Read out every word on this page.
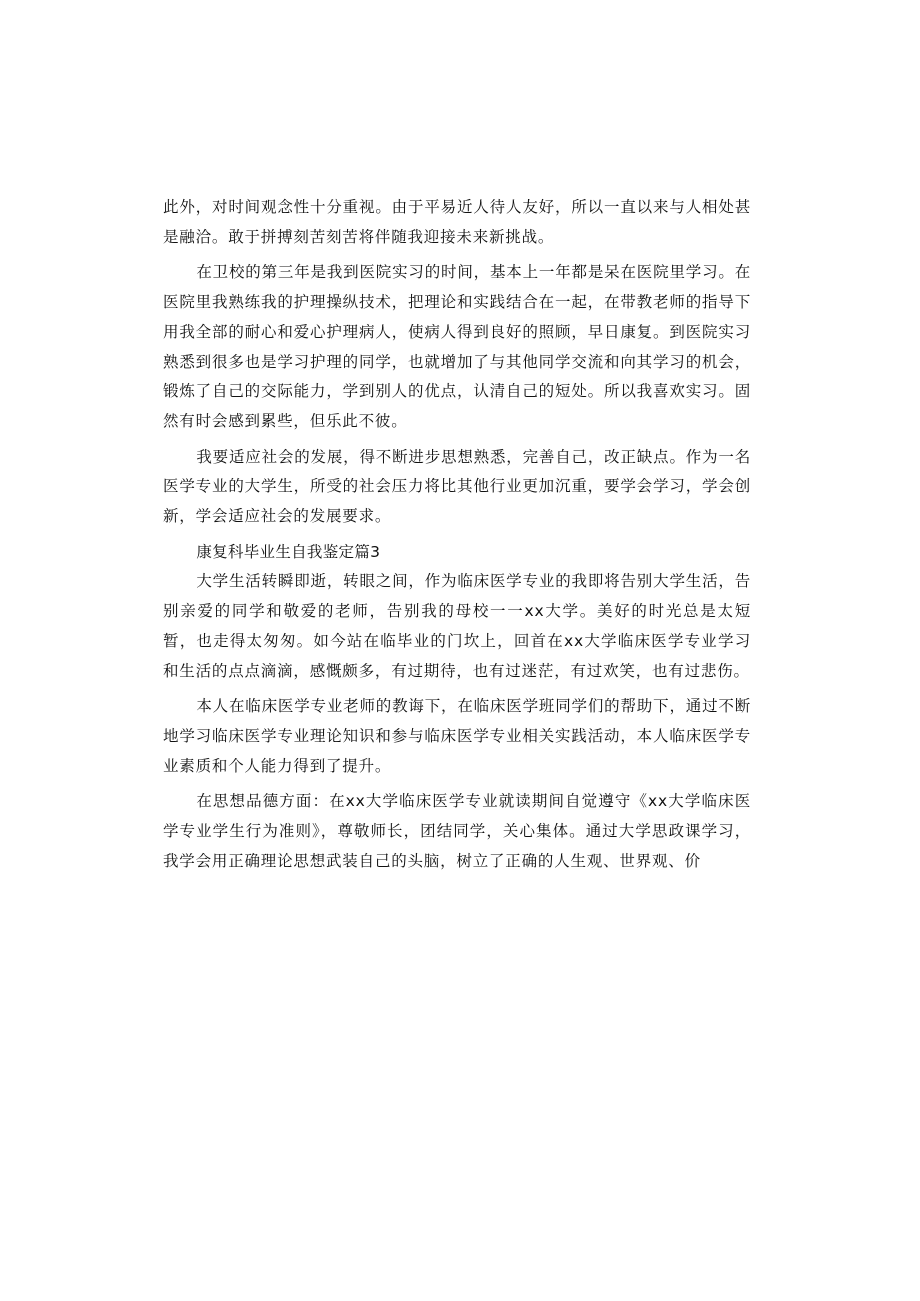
此外，对时间观念性十分重视。由于平易近人待人友好，所以一直以来与人相处甚是融洽。敢于拼搏刻苦刻苦将伴随我迎接未来新挑战。

在卫校的第三年是我到医院实习的时间，基本上一年都是呆在医院里学习。在医院里我熟练我的护理操纵技术，把理论和实践结合在一起，在带教老师的指导下用我全部的耐心和爱心护理病人，使病人得到良好的照顾，早日康复。到医院实习熟悉到很多也是学习护理的同学，也就增加了与其他同学交流和向其学习的机会，锻炼了自己的交际能力，学到别人的优点，认清自己的短处。所以我喜欢实习。固然有时会感到累些，但乐此不彼。

我要适应社会的发展，得不断进步思想熟悉，完善自己，改正缺点。作为一名医学专业的大学生，所受的社会压力将比其他行业更加沉重，要学会学习，学会创新，学会适应社会的发展要求。

康复科毕业生自我鉴定篇3

大学生活转瞬即逝，转眼之间，作为临床医学专业的我即将告别大学生活，告别亲爱的同学和敬爱的老师，告别我的母校一一xx大学。美好的时光总是太短暂，也走得太匆匆。如今站在临毕业的门坎上，回首在xx大学临床医学专业学习和生活的点点滴滴，感慨颇多，有过期待，也有过迷茫，有过欢笑，也有过悲伤。

本人在临床医学专业老师的教诲下，在临床医学班同学们的帮助下，通过不断地学习临床医学专业理论知识和参与临床医学专业相关实践活动，本人临床医学专业素质和个人能力得到了提升。

在思想品德方面：在xx大学临床医学专业就读期间自觉遵守《xx大学临床医学专业学生行为准则》，尊敬师长，团结同学，关心集体。通过大学思政课学习，我学会用正确理论思想武装自己的头脑，树立了正确的人生观、世界观、价
